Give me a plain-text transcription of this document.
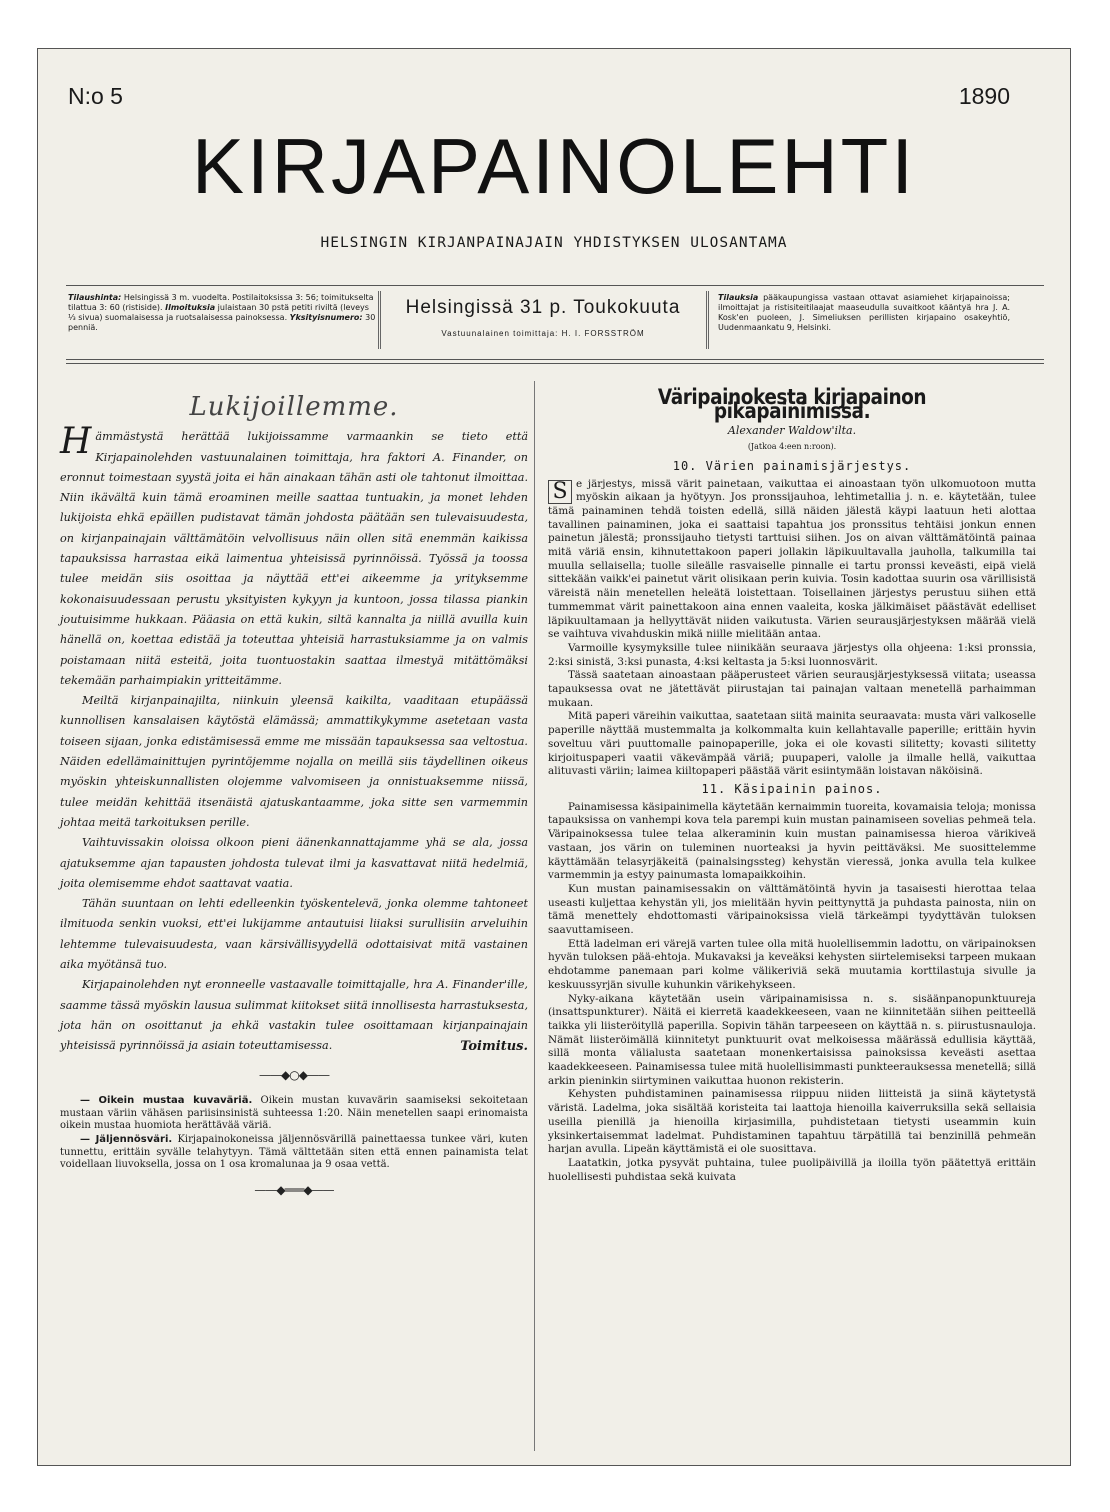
N:o 5	1890
KIRJAPAINOLEHTI
HELSINGIN KIRJANPAINAJAIN YHDISTYKSEN ULOSANTAMA
Tilaushinta: Helsingissä 3 m. vuodelta. Postilaitoksissa 3: 56; toimitukselta tilattua 3: 60 (ristiside). Ilmoituksia julaistaan 30 pstä petiti riviltä (leveys ⅓ sivua) suomalaisessa ja ruotsalaisessa painoksessa. Yksityisnumero: 30 penniä.
Helsingissä 31 p. Toukokuuta
Vastuunalainen toimittaja: H. I. FORSSTRÖM
Tilauksia pääkaupungissa vastaan ottavat asiamiehet kirjapainoissa; ilmoittajat ja ristisiteitilaajat maaseudulla suvaitkoot kääntyä hra J. A. Kosk'en puoleen, J. Simeliuksen perillisten kirjapaino osakeyhtiö, Uudenmaankatu 9, Helsinki.
Lukijoillemme.

Hämmästystä herättää lukijoissamme varmaankin se tieto että Kirjapainolehden vastuunalainen toimittaja, hra faktori A. Finander, on eronnut toimestaan syystä joita ei hän ainakaan tähän asti ole tahtonut ilmoittaa. Niin ikävältä kuin tämä eroaminen meille saattaa tuntuakin, ja monet lehden lukijoista ehkä epäillen pudistavat tämän johdosta päätään sen tulevaisuudesta, on kirjanpainajain välttämätöin velvollisuus näin ollen sitä enemmän kaikissa tapauksissa harrastaa eikä laimentua yhteisissä pyrinnöissä. Työssä ja toossa tulee meidän siis osoittaa ja näyttää ett'ei aikeemme ja yrityksemme kokonaisuudessaan perustu yksityisten kykyyn ja kuntoon, jossa tilassa piankin joutuisimme hukkaan. Pääasia on että kukin, siltä kannalta ja niillä avuilla kuin hänellä on, koettaa edistää ja toteuttaa yhteisiä harrastuksiamme ja on valmis poistamaan niitä esteitä, joita tuontuostakin saattaa ilmestyä mitättömäksi tekemään parhaimpiakin yritteitämme.

Meiltä kirjanpainajilta, niinkuin yleensä kaikilta, vaaditaan etupäässä kunnollisen kansalaisen käytöstä elämässä; ammattikykymme asetetaan vasta toiseen sijaan, jonka edistämisessä emme me missään tapauksessa saa veltostua. Näiden edellämainittujen pyrintöjemme nojalla on meillä siis täydellinen oikeus myöskin yhteiskunnallisten olojemme valvomiseen ja onnistuaksemme niissä, tulee meidän kehittää itsenäistä ajatuskantaamme, joka sitte sen varmemmin johtaa meitä tarkoituksen perille.

Vaihtuvissakin oloissa olkoon pieni äänenkannattajamme yhä se ala, jossa ajatuksemme ajan tapausten johdosta tulevat ilmi ja kasvattavat niitä hedelmiä, joita olemisemme ehdot saattavat vaatia.

Tähän suuntaan on lehti edelleenkin työskentelevä, jonka olemme tahtoneet ilmituoda senkin vuoksi, ett'ei lukijamme antautuisi liiaksi surullisiin arveluihin lehtemme tulevaisuudesta, vaan kärsivällisyydellä odottaisivat mitä vastainen aika myötänsä tuo.

Kirjapainolehden nyt eronneelle vastaavalle toimittajalle, hra A. Finander'ille, saamme tässä myöskin lausua sulimmat kiitokset siitä innollisesta harrastuksesta, jota hän on osoittanut ja ehkä vastakin tulee osoittamaan kirjanpainajain yhteisissä pyrinnöissä ja asiain toteuttamisessa.	Toimitus.
——◆○◆——

— Oikein mustaa kuvaväriä. Oikein mustan kuvavärin saamiseksi sekoitetaan mustaan väriin vähäsen pariisinsinistä suhteessa 1:20. Näin menetellen saapi erinomaista oikein mustaa huomiota herättävää väriä.

— Jäljennösväri. Kirjapainokoneissa jäljennösvärillä painettaessa tunkee väri, kuten tunnettu, erittäin syvälle telahytyyn. Tämä välttetään siten että ennen painamista telat voidellaan liuvoksella, jossa on 1 osa kromalunaa ja 9 osaa vettä.

——◆═══◆——
Väripainokesta kirjapainon pikapainimissa.
Alexander Waldow'ilta.
(Jatkoa 4:een n:roon).
10. Värien painamisjärjestys.

S e järjestys, missä värit painetaan, vaikuttaa ei ainoastaan työn ulkomuotoon mutta myöskin aikaan ja hyötyyn. Jos pronssijauhoa, lehtimetallia j. n. e. käytetään, tulee tämä painaminen tehdä toisten edellä, sillä näiden jälestä käypi laatuun heti alottaa tavallinen painaminen, joka ei saattaisi tapahtua jos pronssitus tehtäisi jonkun ennen painetun jälestä; pronssijauho tietysti tarttuisi siihen. Jos on aivan välttämätöintä painaa mitä väriä ensin, kihnutettakoon paperi jollakin läpikuultavalla jauholla, talkumilla tai muulla sellaisella; tuolle sileälle rasvaiselle pinnalle ei tartu pronssi keveästi, eipä vielä sittekään vaikk'ei painetut värit olisikaan perin kuivia. Tosin kadottaa suurin osa värillisistä väreistä näin menetellen heleätä loistettaan. Toisellainen järjestys perustuu siihen että tummemmat värit painettakoon aina ennen vaaleita, koska jälkimäiset päästävät edelliset läpikuultamaan ja hellyyttävät niiden vaikutusta. Värien seurausjärjestyksen määrää vielä se vaihtuva vivahduskin mikä niille mielitään antaa.

Varmoille kysymyksille tulee niinikään seuraava järjestys olla ohjeena: 1:ksi pronssia, 2:ksi sinistä, 3:ksi punasta, 4:ksi keltasta ja 5:ksi luonnosvärit.

Tässä saatetaan ainoastaan pääperusteet värien seurausjärjestyksessä viitata; useassa tapauksessa ovat ne jätettävät piirustajan tai painajan valtaan menetellä parhaimman mukaan.

Mitä paperi väreihin vaikuttaa, saatetaan siitä mainita seuraavata: musta väri valkoselle paperille näyttää mustemmalta ja kolkommalta kuin kellahtavalle paperille; erittäin hyvin soveltuu väri puuttomalle painopaperille, joka ei ole kovasti silitetty; kovasti silitetty kirjoituspaperi vaatii väkevämpää väriä; puupaperi, valolle ja ilmalle hellä, vaikuttaa alituvasti väriin; laimea kiiltopaperi päästää värit esiintymään loistavan näköisinä.

11. Käsipainin painos.

Painamisessa käsipainimella käytetään kernaimmin tuoreita, kovamaisia teloja; monissa tapauksissa on vanhempi kova tela parempi kuin mustan painamiseen sovelias pehmeä tela. Väripainoksessa tulee telaa alkeraminin kuin mustan painamisessa hieroa värikiveä vastaan, jos värin on tuleminen nuorteaksi ja hyvin peittäväksi. Me suosittelemme käyttämään telasyrjäkeitä (painalsingssteg) kehystän vieressä, jonka avulla tela kulkee varmemmin ja estyy painumasta lomapaikkoihin.

Kun mustan painamisessakin on välttämätöintä hyvin ja tasaisesti hierottaa telaa useasti kuljettaa kehystän yli, jos mielitään hyvin peittynyttä ja puhdasta painosta, niin on tämä menettely ehdottomasti väripainoksissa vielä tärkeämpi tyydyttävän tuloksen saavuttamiseen.

Että ladelman eri värejä varten tulee olla mitä huolellisemmin ladottu, on väripainoksen hyvän tuloksen pää-ehtoja. Mukavaksi ja keveäksi kehysten siirtelemiseksi tarpeen mukaan ehdotamme panemaan pari kolme välikeriviä sekä muutamia korttilastuja sivulle ja keskuussyrjän sivulle kuhunkin värikehykseen.

Nyky-aikana käytetään usein väripainamisissa n. s. sisäänpanopunktuureja (insattspunkturer). Näitä ei kierretä kaadekkeeseen, vaan ne kiinnitetään siihen peitteellä taikka yli liisteröityllä paperilla. Sopivin tähän tarpeeseen on käyttää n. s. piirustusnauloja. Nämät liisteröimällä kiinnitetyt punktuurit ovat melkoisessa määrässä edullisia käyttää, sillä monta välialusta saatetaan monenkertaisissa painoksissa keveästi asettaa kaadekkeeseen. Painamisessa tulee mitä huolellisimmasti punkteerauksessa menetellä; sillä arkin pieninkin siirtyminen vaikuttaa huonon rekisterin.

Kehysten puhdistaminen painamisessa riippuu niiden liitteistä ja siinä käytetystä väristä. Ladelma, joka sisältää koristeita tai laattoja hienoilla kaiverruksilla sekä sellaisia useilla pienillä ja hienoilla kirjasimilla, puhdistetaan tietysti useammin kuin yksinkertaisemmat ladelmat. Puhdistaminen tapahtuu tärpätillä tai benzinillä pehmeän harjan avulla. Lipeän käyttämistä ei ole suosittava.

Laatatkin, jotka pysyvät puhtaina, tulee puolipäivillä ja iloilla työn päätettyä erittäin huolellisesti puhdistaa sekä kuivata
